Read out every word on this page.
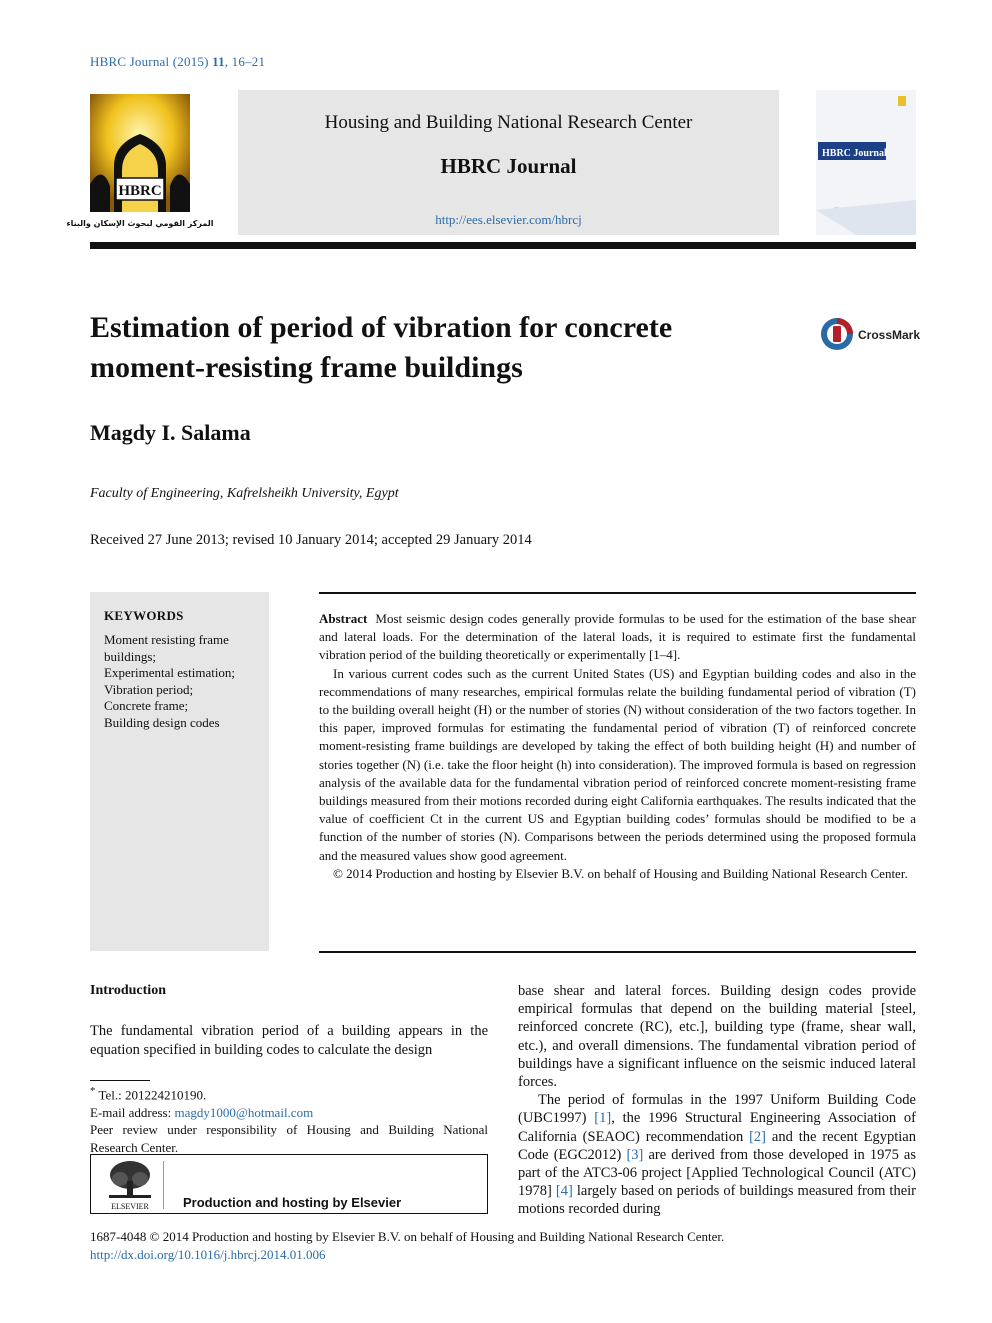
HBRC Journal (2015) 11, 16–21
HBRC
المركز القومي لبحوث الإسكان والبناء
Housing and Building National Research Center
HBRC Journal
http://ees.elsevier.com/hbrcj
HBRC Journal
Estimation of period of vibration for concrete
moment-resisting frame buildings
CrossMark
Magdy I. Salama
Faculty of Engineering, Kafrelsheikh University, Egypt
Received 27 June 2013; revised 10 January 2014; accepted 29 January 2014
KEYWORDS
Moment resisting frame buildings;
Experimental estimation;
Vibration period;
Concrete frame;
Building design codes

Abstract Most seismic design codes generally provide formulas to be used for the estimation of the base shear and lateral loads. For the determination of the lateral loads, it is required to estimate first the fundamental vibration period of the building theoretically or experimentally [1–4].

In various current codes such as the current United States (US) and Egyptian building codes and also in the recommendations of many researches, empirical formulas relate the building fundamental period of vibration (T) to the building overall height (H) or the number of stories (N) without consideration of the two factors together. In this paper, improved formulas for estimating the fundamental period of vibration (T) of reinforced concrete moment-resisting frame buildings are developed by taking the effect of both building height (H) and number of stories together (N) (i.e. take the floor height (h) into consideration). The improved formula is based on regression analysis of the available data for the fundamental vibration period of reinforced concrete moment-resisting frame buildings measured from their motions recorded during eight California earthquakes. The results indicated that the value of coefficient Ct in the current US and Egyptian building codes’ formulas should be modified to be a function of the number of stories (N). Comparisons between the periods determined using the proposed formula and the measured values show good agreement.

© 2014 Production and hosting by Elsevier B.V. on behalf of Housing and Building National Research Center.

Introduction
The fundamental vibration period of a building appears in the equation specified in building codes to calculate the design

* Tel.: 201224210190.

E-mail address: magdy1000@hotmail.com

Peer review under responsibility of Housing and Building National Research Center.

ELSEVIER	Production and hosting by Elsevier

base shear and lateral forces. Building design codes provide empirical formulas that depend on the building material [steel, reinforced concrete (RC), etc.], building type (frame, shear wall, etc.), and overall dimensions. The fundamental vibration period of buildings have a significant influence on the seismic induced lateral forces.

The period of formulas in the 1997 Uniform Building Code (UBC1997) [1], the 1996 Structural Engineering Association of California (SEAOC) recommendation [2] and the recent Egyptian Code (EGC2012) [3] are derived from those developed in 1975 as part of the ATC3-06 project [Applied Technological Council (ATC) 1978] [4] largely based on periods of buildings measured from their motions recorded during

1687-4048 © 2014 Production and hosting by Elsevier B.V. on behalf of Housing and Building National Research Center.
http://dx.doi.org/10.1016/j.hbrcj.2014.01.006
